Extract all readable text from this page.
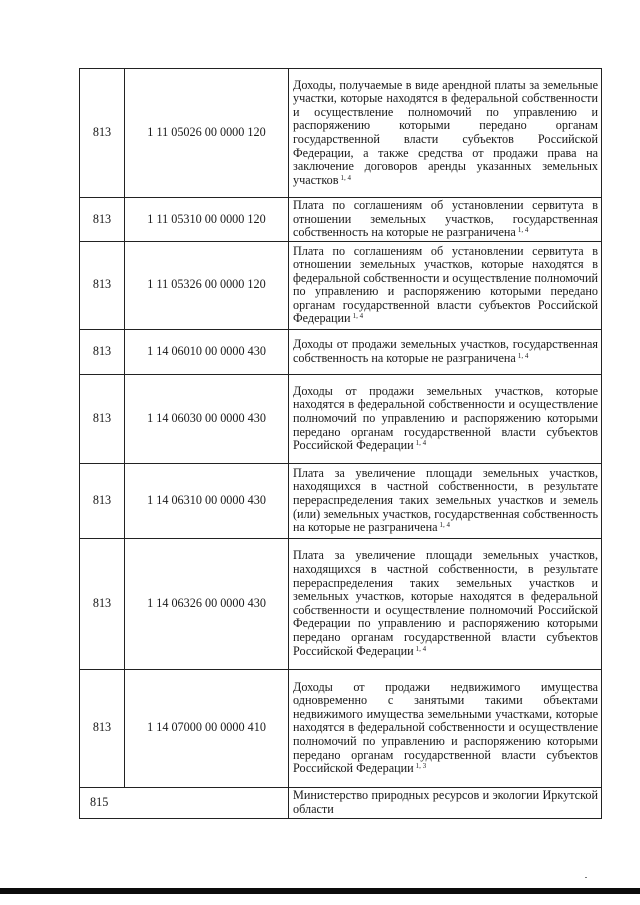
813	1 11 05026 00 0000 120	Доходы, получаемые в виде арендной платы за земельные участки, которые находятся в федеральной собственности и осуществление полномочий по управлению и распоряжению которыми передано органам государственной власти субъектов Российской Федерации, а также средства от продажи права на заключение договоров аренды указанных земельных участков $^{1, 4}$
813	1 11 05310 00 0000 120	Плата по соглашениям об установлении сервитута в отношении земельных участков, государственная собственность на которые не разграничена $^{1, 4}$
813	1 11 05326 00 0000 120	Плата по соглашениям об установлении сервитута в отношении земельных участков, которые находятся в федеральной собственности и осуществление полномочий по управлению и распоряжению которыми передано органам государственной власти субъектов Российской Федерации $^{1, 4}$
813	1 14 06010 00 0000 430	Доходы от продажи земельных участков, государственная собственность на которые не разграничена $^{1, 4}$
813	1 14 06030 00 0000 430	Доходы от продажи земельных участков, которые находятся в федеральной собственности и осуществление полномочий по управлению и распоряжению которыми передано органам государственной власти субъектов Российской Федерации $^{1, 4}$
813	1 14 06310 00 0000 430	Плата за увеличение площади земельных участков, находящихся в частной собственности, в результате перераспределения таких земельных участков и земель (или) земельных участков, государственная собственность на которые не разграничена $^{1, 4}$
813	1 14 06326 00 0000 430	Плата за увеличение площади земельных участков, находящихся в частной собственности, в результате перераспределения таких земельных участков и земельных участков, которые находятся в федеральной собственности и осуществление полномочий Российской Федерации по управлению и распоряжению которыми передано органам государственной власти субъектов Российской Федерации $^{1, 4}$
813	1 14 07000 00 0000 410	Доходы от продажи недвижимого имущества одновременно с занятыми такими объектами недвижимого имущества земельными участками, которые находятся в федеральной собственности и осуществление полномочий по управлению и распоряжению которыми передано органам государственной власти субъектов Российской Федерации $^{1, 3}$
815		Министерство природных ресурсов и экологии Иркутской области
